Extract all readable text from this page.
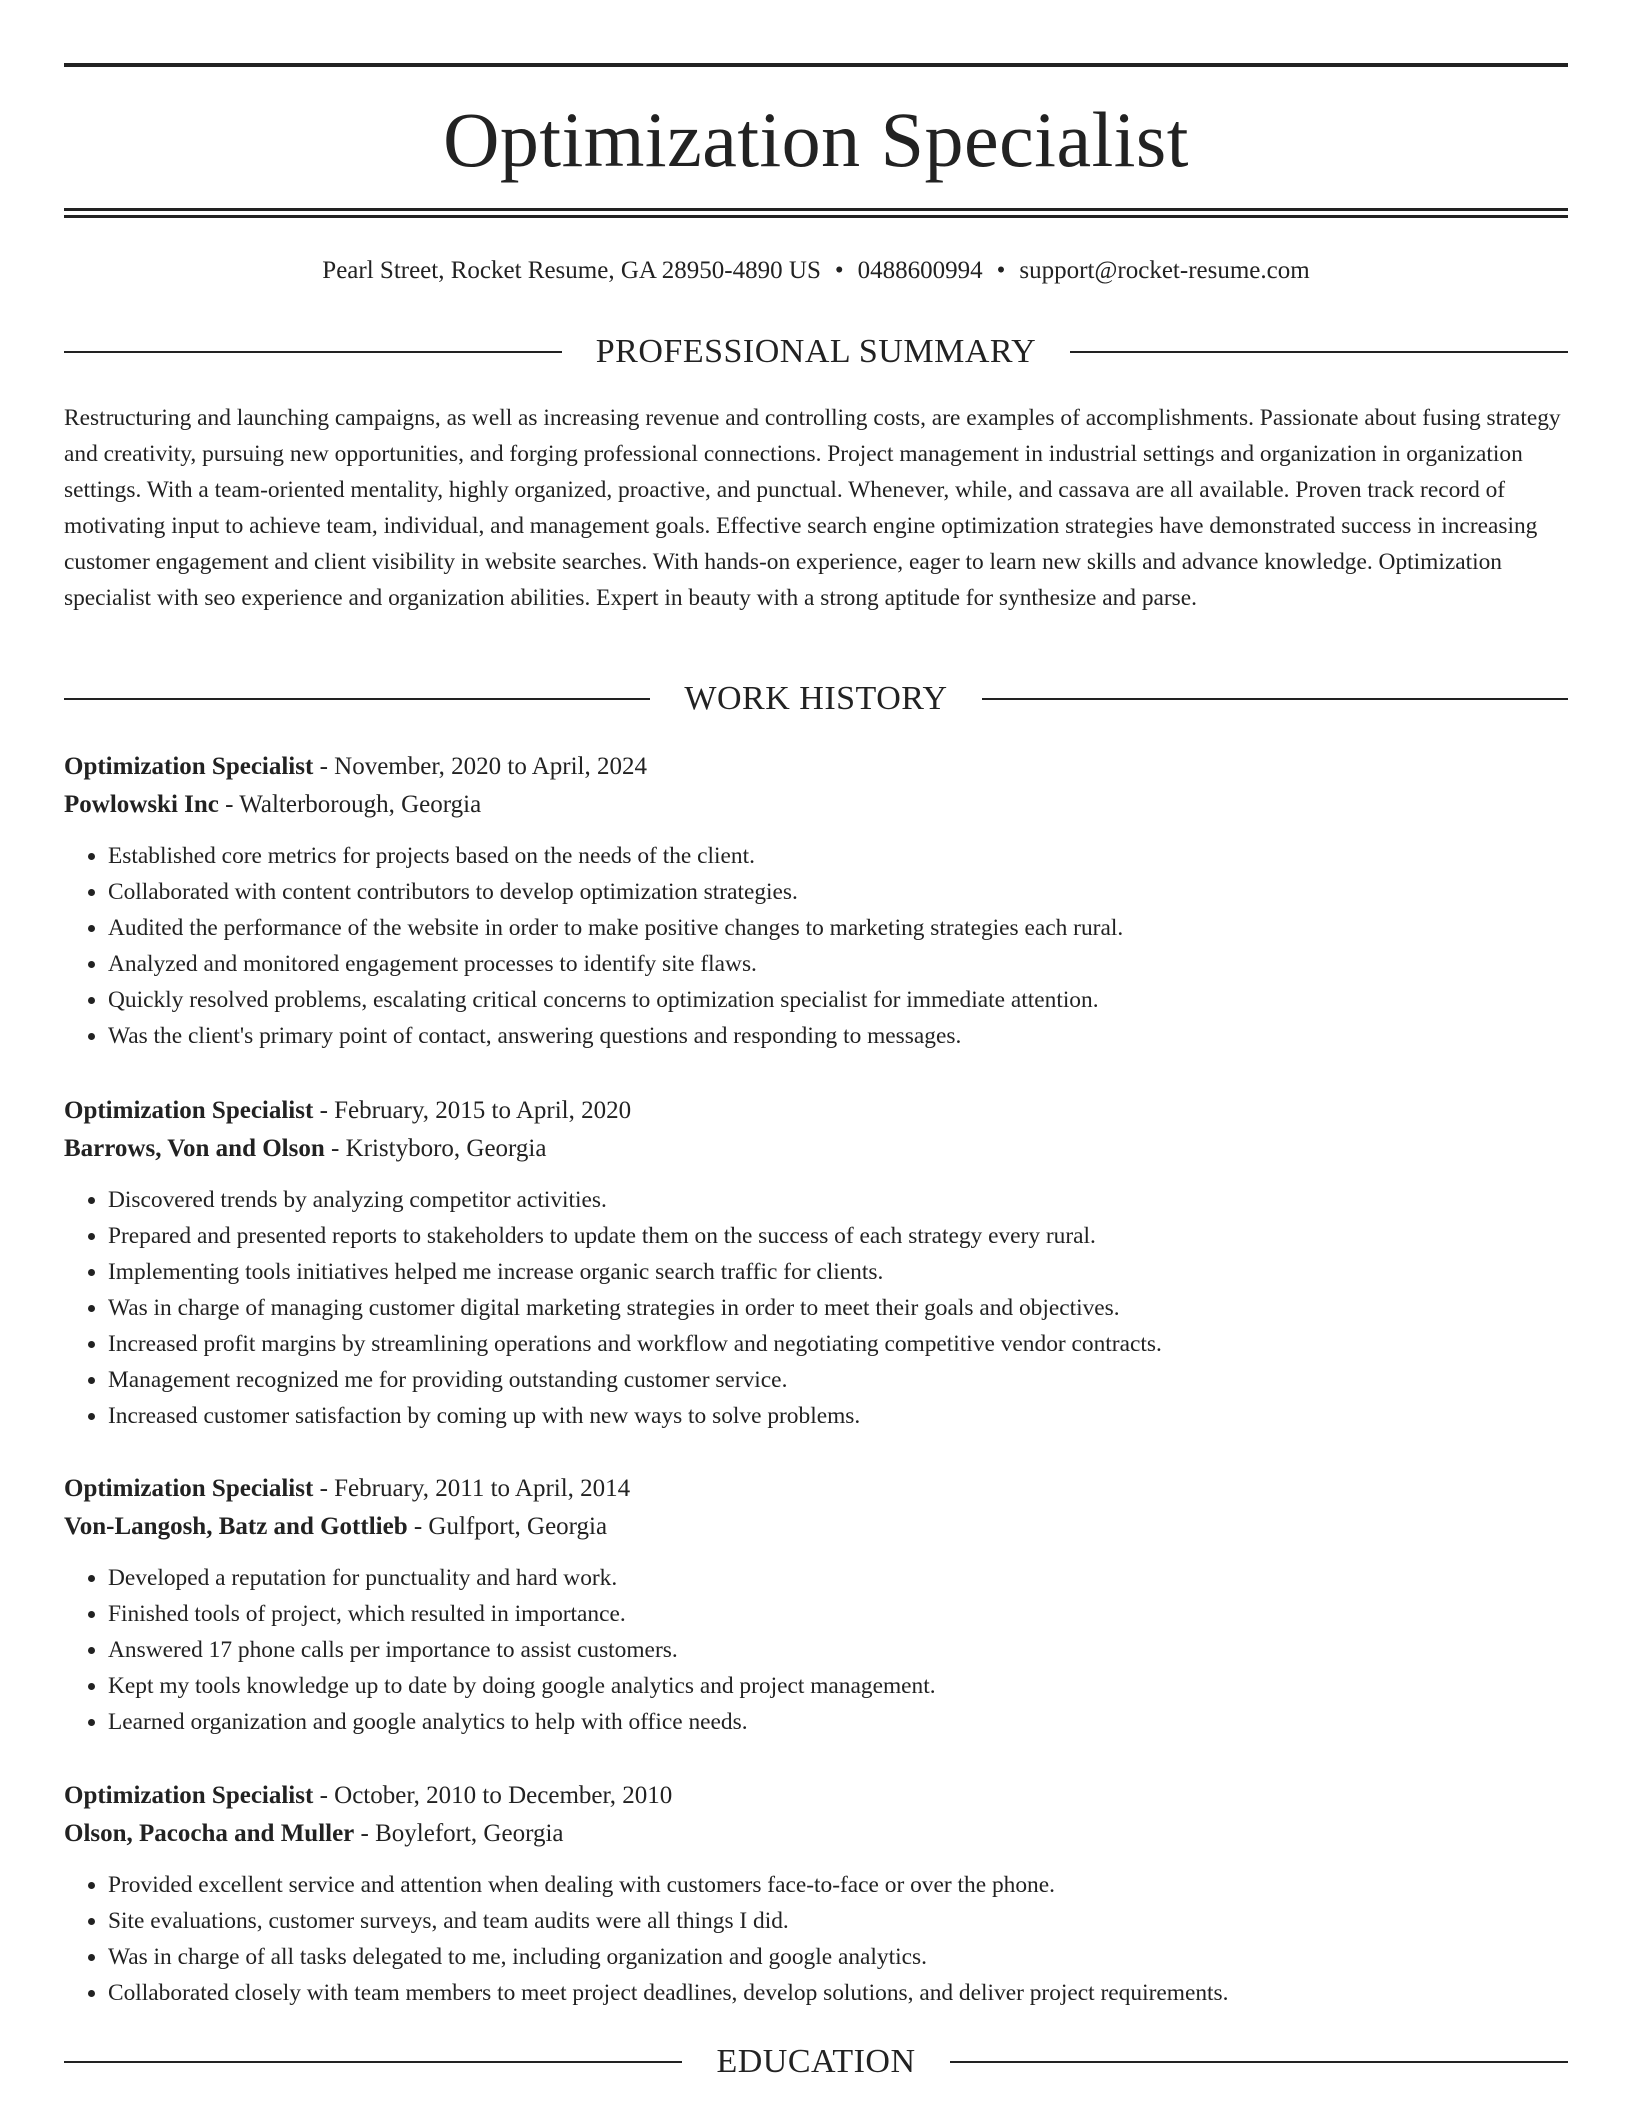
Optimization Specialist
Pearl Street, Rocket Resume, GA 28950-4890 US • 0488600994 • support@rocket-resume.com
PROFESSIONAL SUMMARY

Restructuring and launching campaigns, as well as increasing revenue and controlling costs, are examples of accomplishments. Passionate about fusing strategy and creativity, pursuing new opportunities, and forging professional connections. Project management in industrial settings and organization in organization settings. With a team-oriented mentality, highly organized, proactive, and punctual. Whenever, while, and cassava are all available. Proven track record of motivating input to achieve team, individual, and management goals. Effective search engine optimization strategies have demonstrated success in increasing customer engagement and client visibility in website searches. With hands-on experience, eager to learn new skills and advance knowledge. Optimization specialist with seo experience and organization abilities. Expert in beauty with a strong aptitude for synthesize and parse.

WORK HISTORY
Optimization Specialist - November, 2020 to April, 2024
Powlowski Inc - Walterborough, Georgia
• Established core metrics for projects based on the needs of the client.
• Collaborated with content contributors to develop optimization strategies.
• Audited the performance of the website in order to make positive changes to marketing strategies each rural.
• Analyzed and monitored engagement processes to identify site flaws.
• Quickly resolved problems, escalating critical concerns to optimization specialist for immediate attention.
• Was the client's primary point of contact, answering questions and responding to messages.
Optimization Specialist - February, 2015 to April, 2020
Barrows, Von and Olson - Kristyboro, Georgia
• Discovered trends by analyzing competitor activities.
• Prepared and presented reports to stakeholders to update them on the success of each strategy every rural.
• Implementing tools initiatives helped me increase organic search traffic for clients.
• Was in charge of managing customer digital marketing strategies in order to meet their goals and objectives.
• Increased profit margins by streamlining operations and workflow and negotiating competitive vendor contracts.
• Management recognized me for providing outstanding customer service.
• Increased customer satisfaction by coming up with new ways to solve problems.
Optimization Specialist - February, 2011 to April, 2014
Von-Langosh, Batz and Gottlieb - Gulfport, Georgia
• Developed a reputation for punctuality and hard work.
• Finished tools of project, which resulted in importance.
• Answered 17 phone calls per importance to assist customers.
• Kept my tools knowledge up to date by doing google analytics and project management.
• Learned organization and google analytics to help with office needs.
Optimization Specialist - October, 2010 to December, 2010
Olson, Pacocha and Muller - Boylefort, Georgia
• Provided excellent service and attention when dealing with customers face-to-face or over the phone.
• Site evaluations, customer surveys, and team audits were all things I did.
• Was in charge of all tasks delegated to me, including organization and google analytics.
• Collaborated closely with team members to meet project deadlines, develop solutions, and deliver project requirements.
EDUCATION
